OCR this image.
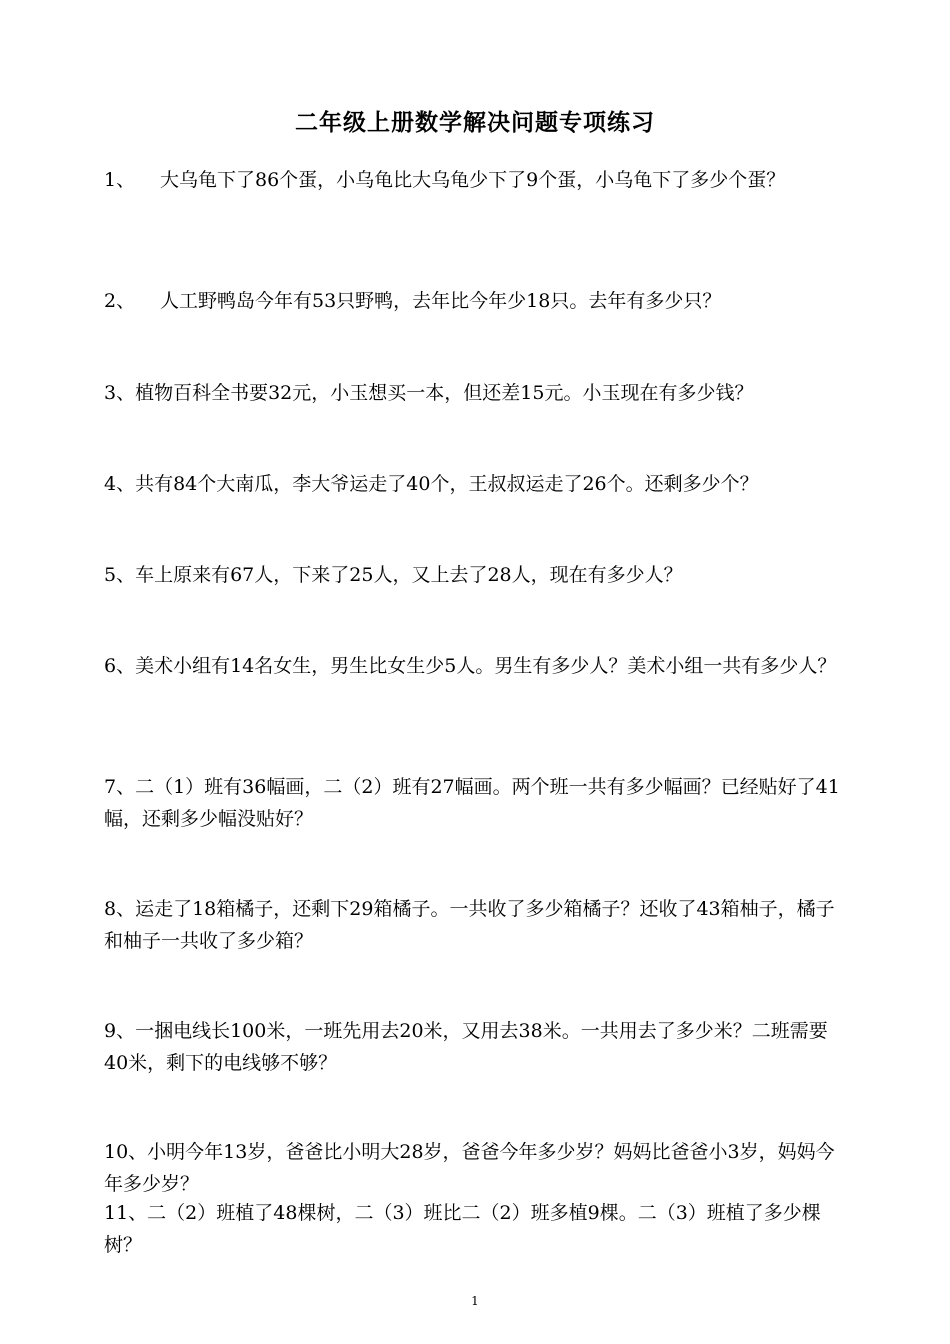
二年级上册数学解决问题专项练习
1、	大乌龟下了86个蛋，小乌龟比大乌龟少下了9个蛋，小乌龟下了多少个蛋？
2、	人工野鸭岛今年有53只野鸭，去年比今年少18只。去年有多少只？
3、植物百科全书要32元，小玉想买一本，但还差15元。小玉现在有多少钱？
4、共有84个大南瓜，李大爷运走了40个，王叔叔运走了26个。还剩多少个？
5、车上原来有67人，下来了25人，又上去了28人，现在有多少人？
6、美术小组有14名女生，男生比女生少5人。男生有多少人？美术小组一共有多少人？
7、二（1）班有36幅画，二（2）班有27幅画。两个班一共有多少幅画？已经贴好了41幅，还剩多少幅没贴好？
8、运走了18箱橘子，还剩下29箱橘子。一共收了多少箱橘子？还收了43箱柚子，橘子和柚子一共收了多少箱？
9、一捆电线长100米，一班先用去20米，又用去38米。一共用去了多少米？二班需要40米，剩下的电线够不够？
10、小明今年13岁，爸爸比小明大28岁，爸爸今年多少岁？妈妈比爸爸小3岁，妈妈今年多少岁？
11、二（2）班植了48棵树，二（3）班比二（2）班多植9棵。二（3）班植了多少棵树？
1
